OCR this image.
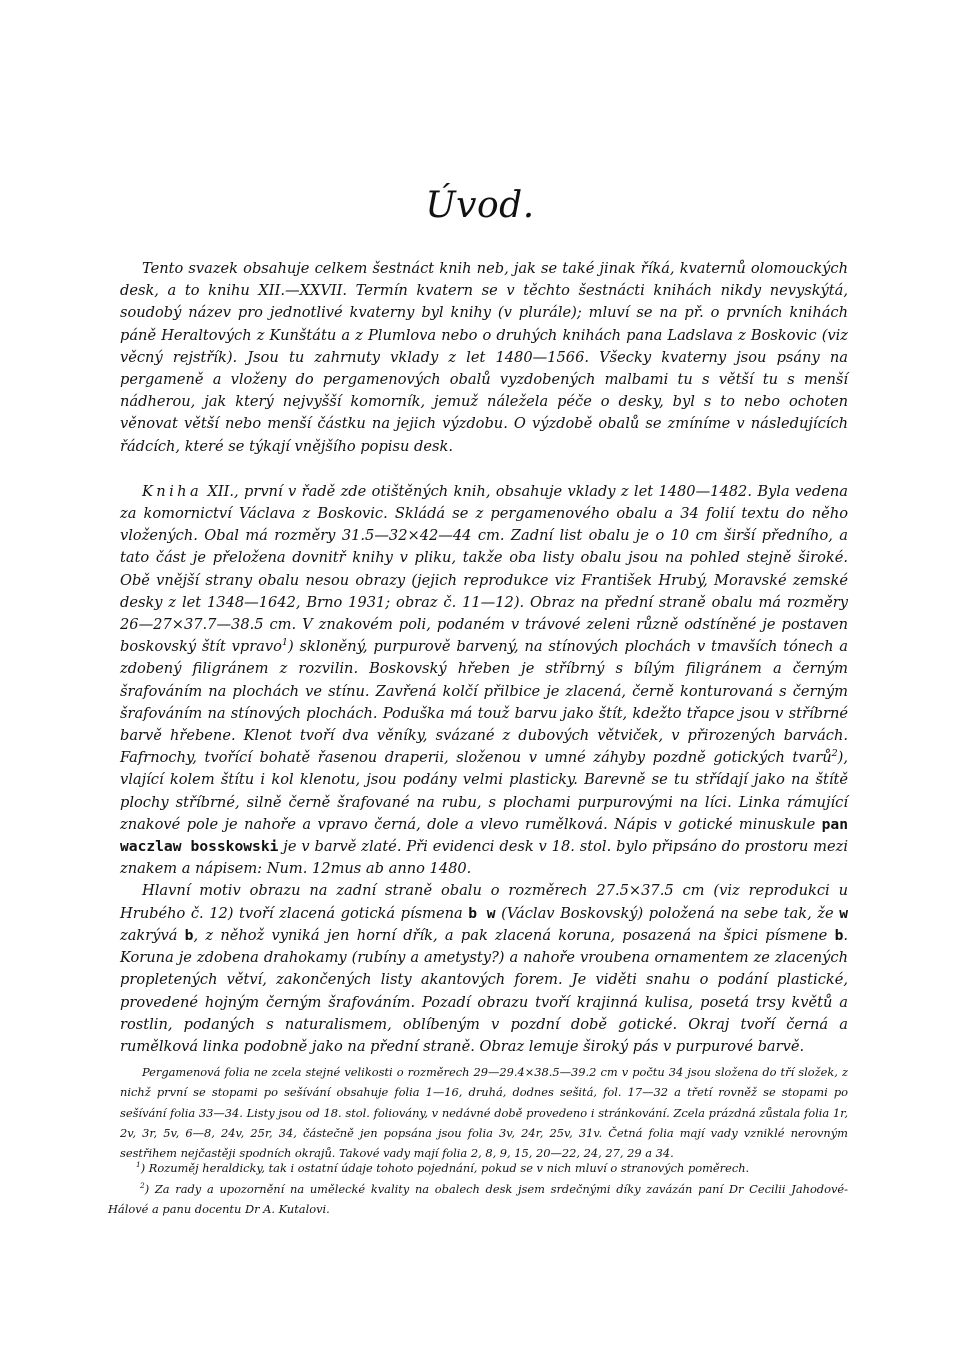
Úvod.

Tento svazek obsahuje celkem šestnáct knih neb, jak se také jinak říká, kvaternů olomouckých desk, a to knihu XII.—XXVII. Termín kvatern se v těchto šestnácti knihách nikdy nevyskýtá, soudobý název pro jednotlivé kvaterny byl knihy (v plurále); mluví se na př. o prvních knihách páně Heraltových z Kunštátu a z Plumlova nebo o druhých knihách pana Ladslava z Boskovic (viz věcný rejstřík). Jsou tu zahrnuty vklady z let 1480—1566. Všecky kvaterny jsou psány na pergameně a vloženy do pergamenových obalů vyzdobených malbami tu s větší tu s menší nádherou, jak který nejvyšší komorník, jemuž náležela péče o desky, byl s to nebo ochoten věnovat větší nebo menší částku na jejich výzdobu. O výzdobě obalů se zmíníme v následujících řádcích, které se týkají vnějšího popisu desk.

Kniha XII., první v řadě zde otištěných knih, obsahuje vklady z let 1480—1482. Byla vedena za komornictví Václava z Boskovic. Skládá se z pergamenového obalu a 34 folií textu do něho vložených. Obal má rozměry 31.5—32×42—44 cm. Zadní list obalu je o 10 cm širší předního, a tato část je přeložena dovnitř knihy v pliku, takže oba listy obalu jsou na pohled stejně široké. Obě vnější strany obalu nesou obrazy (jejich reprodukce viz František Hrubý, Moravské zemské desky z let 1348—1642, Brno 1931; obraz č. 11—12). Obraz na přední straně obalu má rozměry 26—27×37.7—38.5 cm. V znakovém poli, podaném v trávové zeleni různě odstíněné je postaven boskovský štít vpravo$^1$) skloněný, purpurově barvený, na stínových plochách v tmavších tónech a zdobený filigránem z rozvilin. Boskovský hřeben je stříbrný s bílým filigránem a černým šrafováním na plochách ve stínu. Zavřená kolčí přilbice je zlacená, černě konturovaná s černým šrafováním na stínových plochách. Poduška má touž barvu jako štít, kdežto třapce jsou v stříbrné barvě hřebene. Klenot tvoří dva věníky, svázané z dubových větviček, v přirozených barvách. Fafrnochy, tvořící bohatě řasenou draperii, složenou v umné záhyby pozdně gotických tvarů$^2$), vlající kolem štítu i kol klenotu, jsou podány velmi plasticky. Barevně se tu střídají jako na štítě plochy stříbrné, silně černě šrafované na rubu, s plochami purpurovými na líci. Linka rámující znakové pole je nahoře a vpravo černá, dole a vlevo rumělková. Nápis v gotické minuskule pan waczlaw bosskowski je v barvě zlaté. Při evidenci desk v 18. stol. bylo připsáno do prostoru mezi znakem a nápisem: Num. 12mus ab anno 1480.

Hlavní motiv obrazu na zadní straně obalu o rozměrech 27.5×37.5 cm (viz reprodukci u Hrubého č. 12) tvoří zlacená gotická písmena b w (Václav Boskovský) položená na sebe tak, že w zakrývá b, z něhož vyniká jen horní dřík, a pak zlacená koruna, posazená na špici písmene b. Koruna je zdobena drahokamy (rubíny a ametysty?) a nahoře vroubena ornamentem ze zlacených propletených větví, zakončených listy akantových forem. Je viděti snahu o podání plastické, provedené hojným černým šrafováním. Pozadí obrazu tvoří krajinná kulisa, posetá trsy květů a rostlin, podaných s naturalismem, oblíbeným v pozdní době gotické. Okraj tvoří černá a rumělková linka podobně jako na přední straně. Obraz lemuje široký pás v purpurové barvě.

Pergamenová folia ne zcela stejné velikosti o rozměrech 29—29.4×38.5—39.2 cm v počtu 34 jsou složena do tří složek, z nichž první se stopami po sešívání obsahuje folia 1—16, druhá, dodnes sešitá, fol. 17—32 a třetí rovněž se stopami po sešívání folia 33—34. Listy jsou od 18. stol. foliovány, v nedávné době provedeno i stránkování. Zcela prázdná zůstala folia 1r, 2v, 3r, 5v, 6—8, 24v, 25r, 34, částečně jen popsána jsou folia 3v, 24r, 25v, 31v. Četná folia mají vady vzniklé nerovným sestřihem nejčastěji spodních okrajů. Takové vady mají folia 2, 8, 9, 15, 20—22, 24, 27, 29 a 34.

$^1$) Rozuměj heraldicky, tak i ostatní údaje tohoto pojednání, pokud se v nich mluví o stranových poměrech.

$^2$) Za rady a upozornění na umělecké kvality na obalech desk jsem srdečnými díky zavázán paní Dr Cecilii Jahodové-Hálové a panu docentu Dr A. Kutalovi.
